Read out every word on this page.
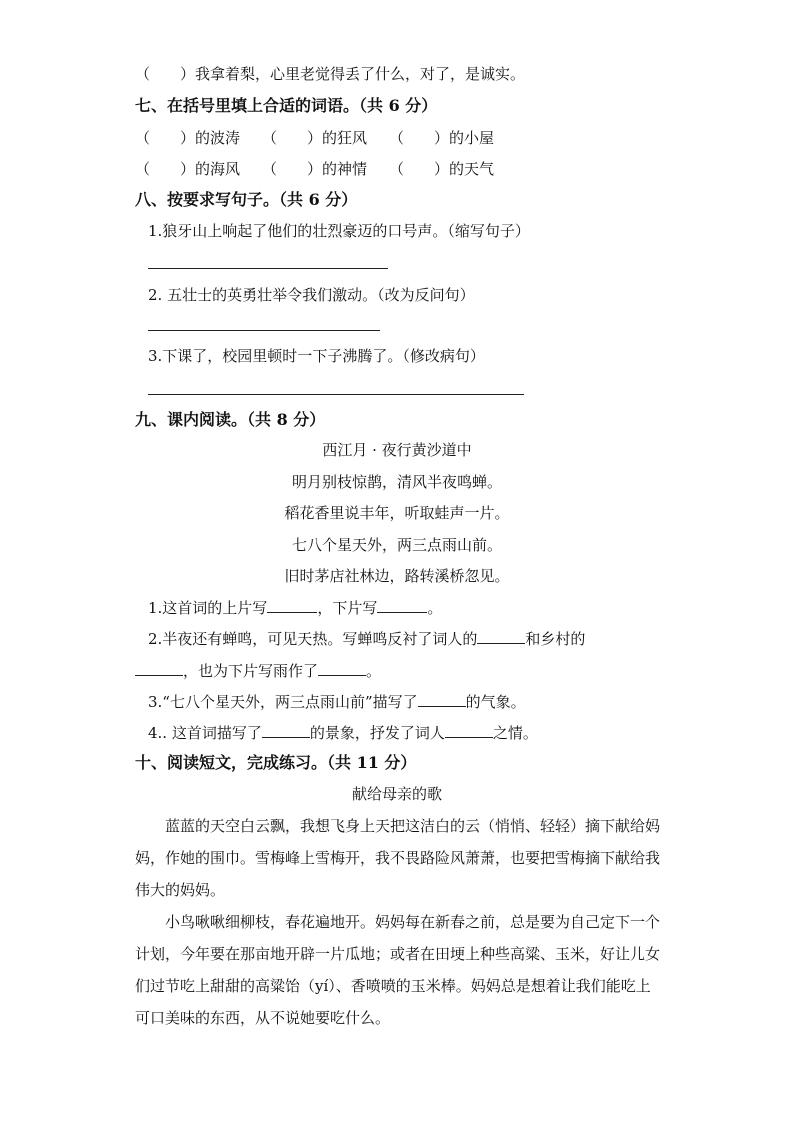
（　　）我拿着梨，心里老觉得丢了什么，对了，是诚实。
七、在括号里填上合适的词语。（共 6 分）
（　　）的波涛 （　　）的狂风 （　　）的小屋
（　　）的海风 （　　）的神情 （　　）的天气
八、按要求写句子。（共 6 分）
1.狼牙山上响起了他们的壮烈豪迈的口号声。（缩写句子）
2. 五壮士的英勇壮举令我们激动。（改为反问句）
3.下课了，校园里顿时一下子沸腾了。（修改病句）
九、课内阅读。（共 8 分）
西江月 · 夜行黄沙道中
明月别枝惊鹊，清风半夜鸣蝉。
稻花香里说丰年，听取蛙声一片。
七八个星天外，两三点雨山前。
旧时茅店社林边，路转溪桥忽见。
1.这首词的上片写	，下片写	。
2.半夜还有蝉鸣，可见天热。写蝉鸣反衬了词人的	和乡村的
，也为下片写雨作了	。
3.“七八个星天外，两三点雨山前”描写了	的气象。
4.. 这首词描写了	的景象，抒发了词人	之情。
十、阅读短文，完成练习。（共 11 分）
献给母亲的歌
蓝蓝的天空白云飘，我想飞身上天把这洁白的云（悄悄、轻轻）摘下献给妈妈，作她的围巾。雪梅峰上雪梅开，我不畏路险风萧萧，也要把雪梅摘下献给我伟大的妈妈。
小鸟啾啾细柳枝，春花遍地开。妈妈每在新春之前，总是要为自己定下一个计划，今年要在那亩地开辟一片瓜地；或者在田埂上种些高粱、玉米，好让儿女们过节吃上甜甜的高粱饴（yí）、香喷喷的玉米棒。妈妈总是想着让我们能吃上可口美味的东西，从不说她要吃什么。
